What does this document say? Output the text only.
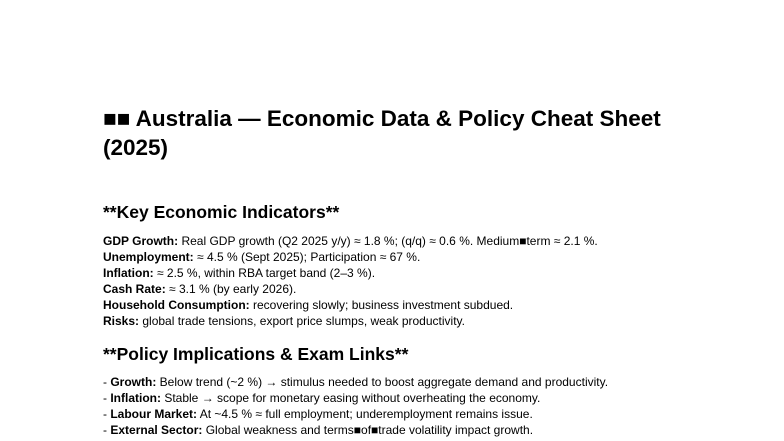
■■ Australia — Economic Data & Policy Cheat Sheet (2025)
**Key Economic Indicators**
GDP Growth: Real GDP growth (Q2 2025 y/y) ≈ 1.8 %; (q/q) ≈ 0.6 %. Medium■term ≈ 2.1 %.
Unemployment: ≈ 4.5 % (Sept 2025); Participation ≈ 67 %.
Inflation: ≈ 2.5 %, within RBA target band (2–3 %).
Cash Rate: ≈ 3.1 % (by early 2026).
Household Consumption: recovering slowly; business investment subdued.
Risks: global trade tensions, export price slumps, weak productivity.
**Policy Implications & Exam Links**
- Growth: Below trend (~2 %) → stimulus needed to boost aggregate demand and productivity.
- Inflation: Stable → scope for monetary easing without overheating the economy.
- Labour Market: At ~4.5 % ≈ full employment; underemployment remains issue.
- External Sector: Global weakness and terms■of■trade volatility impact growth.
